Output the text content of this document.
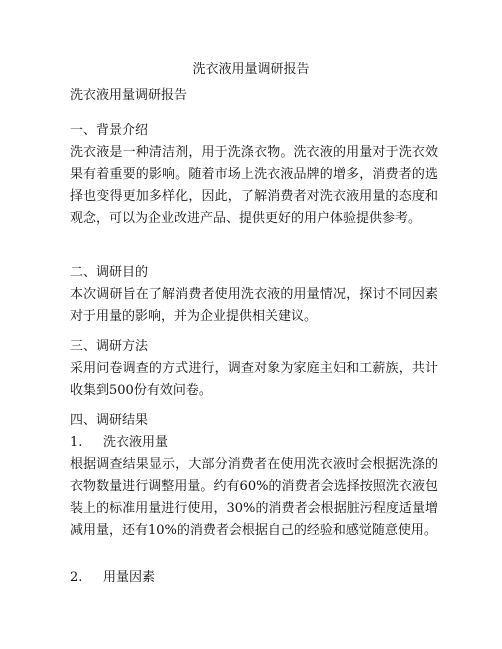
洗衣液用量调研报告

洗衣液用量调研报告

一、背景介绍

洗衣液是一种清洁剂，用于洗涤衣物。洗衣液的用量对于洗衣效果有着重要的影响。随着市场上洗衣液品牌的增多，消费者的选择也变得更加多样化，因此，了解消费者对洗衣液用量的态度和观念，可以为企业改进产品、提供更好的用户体验提供参考。

二、调研目的

本次调研旨在了解消费者使用洗衣液的用量情况，探讨不同因素对于用量的影响，并为企业提供相关建议。

三、调研方法

采用问卷调查的方式进行，调查对象为家庭主妇和工薪族，共计收集到500份有效问卷。

四、调研结果

1.	洗衣液用量

根据调查结果显示，大部分消费者在使用洗衣液时会根据洗涤的衣物数量进行调整用量。约有60%的消费者会选择按照洗衣液包装上的标准用量进行使用，30%的消费者会根据脏污程度适量增减用量，还有10%的消费者会根据自己的经验和感觉随意使用。

2.	用量因素
